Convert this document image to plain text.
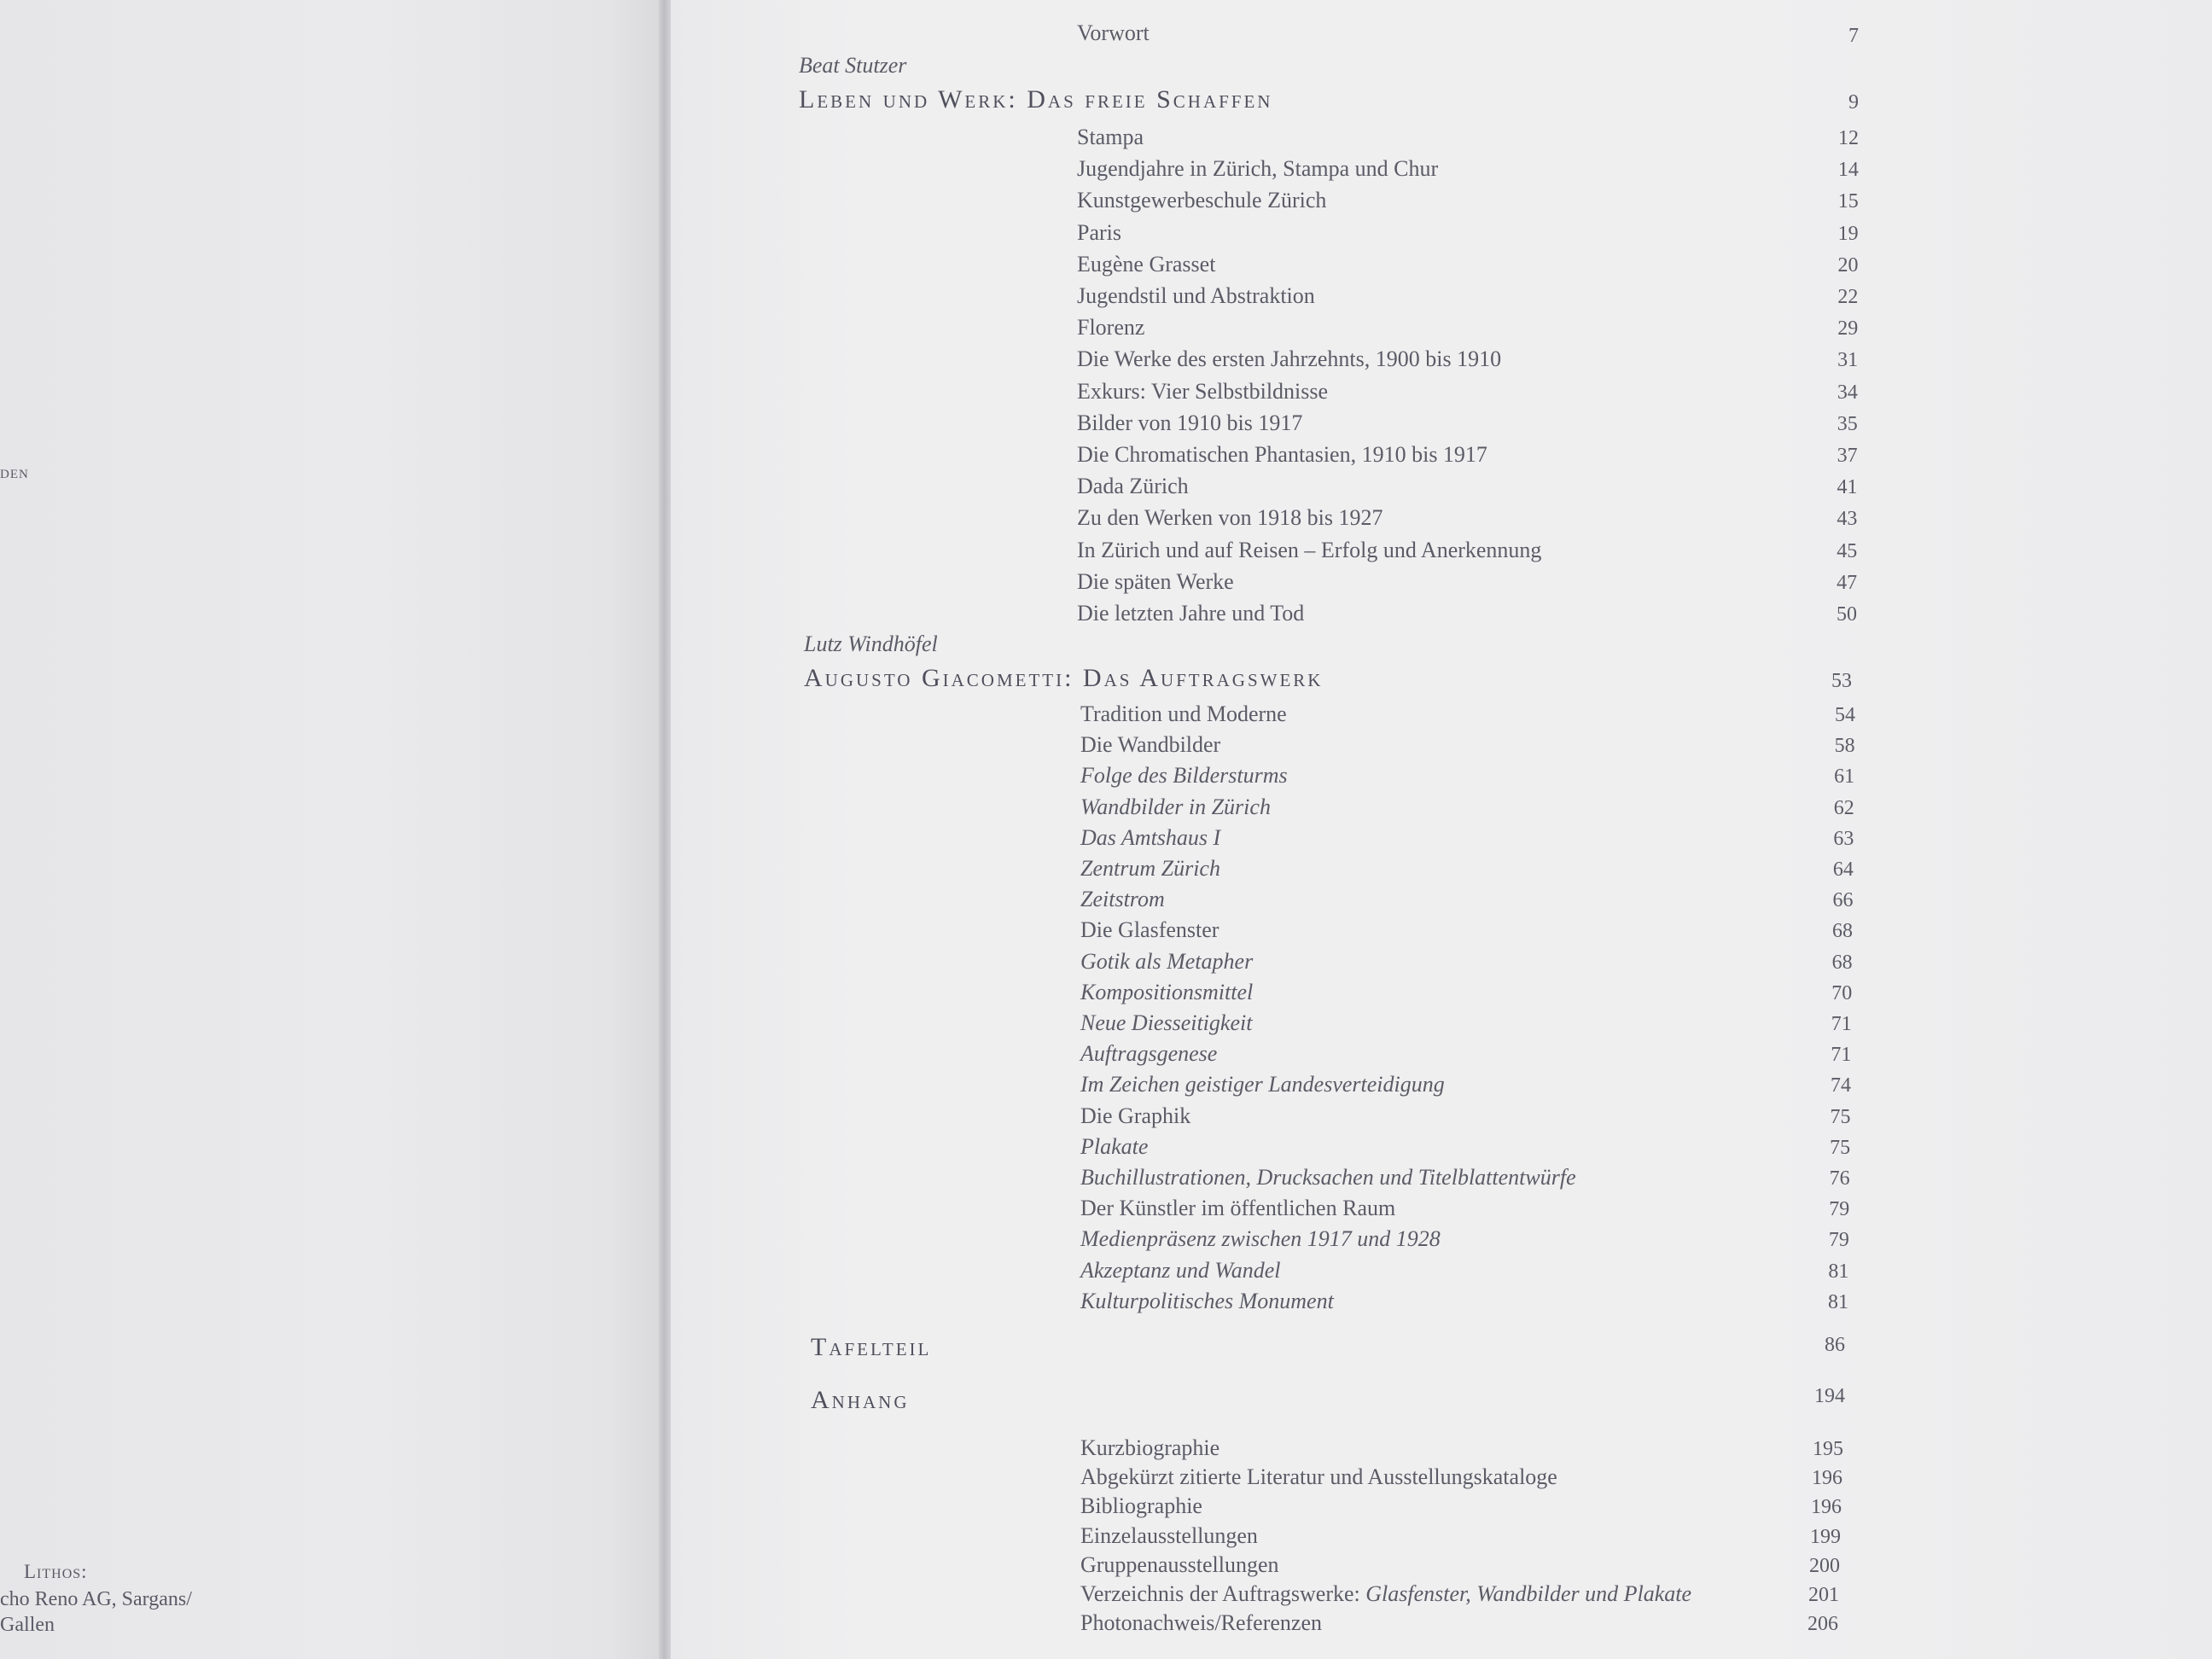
den
Lithos:
cho Reno AG, Sargans/
Gallen
Vorwort	7
Beat Stutzer
Leben und Werk: Das freie Schaffen	9
Stampa	12
Jugendjahre in Zürich, Stampa und Chur	14
Kunstgewerbeschule Zürich	15
Paris	19
Eugène Grasset	20
Jugendstil und Abstraktion	22
Florenz	29
Die Werke des ersten Jahrzehnts, 1900 bis 1910	31
Exkurs: Vier Selbstbildnisse	34
Bilder von 1910 bis 1917	35
Die Chromatischen Phantasien, 1910 bis 1917	37
Dada Zürich	41
Zu den Werken von 1918 bis 1927	43
In Zürich und auf Reisen – Erfolg und Anerkennung	45
Die späten Werke	47
Die letzten Jahre und Tod	50
Lutz Windhöfel
Augusto Giacometti: Das Auftragswerk	53
Tradition und Moderne	54
Die Wandbilder	58
Folge des Bildersturms	61
Wandbilder in Zürich	62
Das Amtshaus I	63
Zentrum Zürich	64
Zeitstrom	66
Die Glasfenster	68
Gotik als Metapher	68
Kompositionsmittel	70
Neue Diesseitigkeit	71
Auftragsgenese	71
Im Zeichen geistiger Landesverteidigung	74
Die Graphik	75
Plakate	75
Buchillustrationen, Drucksachen und Titelblattentwürfe	76
Der Künstler im öffentlichen Raum	79
Medienpräsenz zwischen 1917 und 1928	79
Akzeptanz und Wandel	81
Kulturpolitisches Monument	81
Tafelteil	86
Anhang	194
Kurzbiographie	195
Abgekürzt zitierte Literatur und Ausstellungskataloge	196
Bibliographie	196
Einzelausstellungen	199
Gruppenausstellungen	200
Verzeichnis der Auftragswerke: Glasfenster, Wandbilder und Plakate	201
Photonachweis/Referenzen	206
